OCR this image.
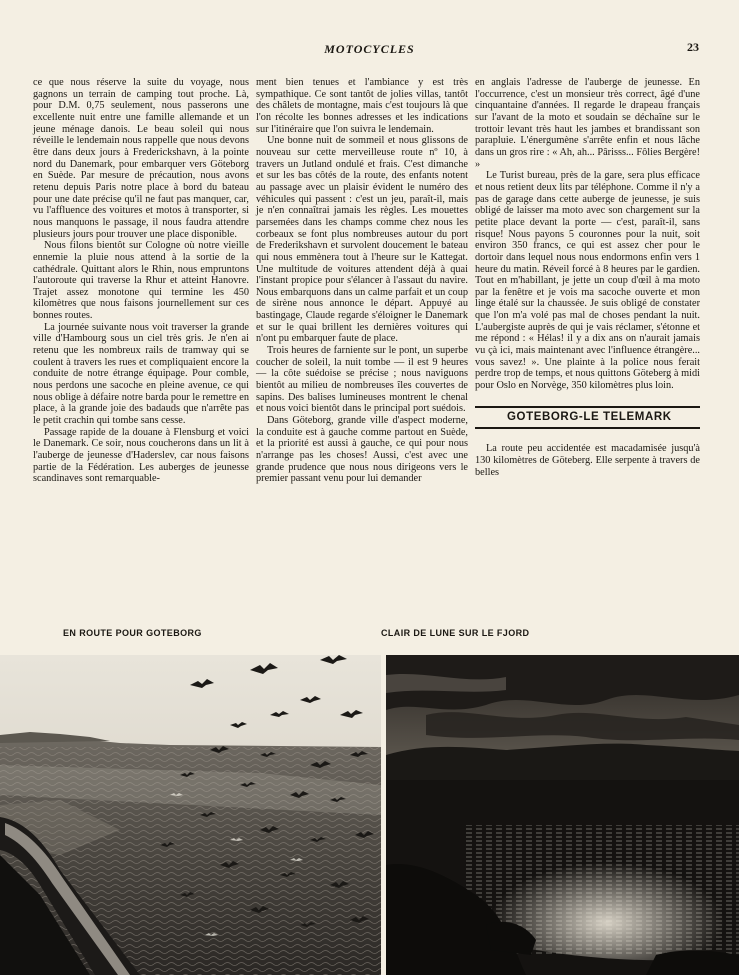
MOTOCYCLES	23

ce que nous réserve la suite du voyage, nous gagnons un terrain de camping tout proche. Là, pour D.M. 0,75 seulement, nous passerons une excellente nuit entre une famille allemande et un jeune ménage danois. Le beau soleil qui nous réveille le lendemain nous rappelle que nous devons être dans deux jours à Frederickshavn, à la pointe nord du Danemark, pour embarquer vers Göteborg en Suède. Par mesure de précaution, nous avons retenu depuis Paris notre place à bord du bateau pour une date précise qu'il ne faut pas manquer, car, vu l'affluence des voitures et motos à transporter, si nous manquons le passage, il nous faudra attendre plusieurs jours pour trouver une place disponible.

Nous filons bientôt sur Cologne où notre vieille ennemie la pluie nous attend à la sortie de la cathédrale. Quittant alors le Rhin, nous empruntons l'autoroute qui traverse la Rhur et atteint Hanovre. Trajet assez monotone qui termine les 450 kilomètres que nous faisons journellement sur ces bonnes routes.

La journée suivante nous voit traverser la grande ville d'Hambourg sous un ciel très gris. Je n'en ai retenu que les nombreux rails de tramway qui se coulent à travers les rues et compliquaient encore la conduite de notre étrange équipage. Pour comble, nous perdons une sacoche en pleine avenue, ce qui nous oblige à défaire notre barda pour le remettre en place, à la grande joie des badauds que n'arrête pas le petit crachin qui tombe sans cesse.

Passage rapide de la douane à Flensburg et voici le Danemark. Ce soir, nous coucherons dans un lit à l'auberge de jeunesse d'Haderslev, car nous faisons partie de la Fédération. Les auberges de jeunesse scandinaves sont remarquable-

ment bien tenues et l'ambiance y est très sympathique. Ce sont tantôt de jolies villas, tantôt des châlets de montagne, mais c'est toujours là que l'on récolte les bonnes adresses et les indications sur l'itinéraire que l'on suivra le lendemain.

Une bonne nuit de sommeil et nous glissons de nouveau sur cette merveilleuse route nº 10, à travers un Jutland ondulé et frais. C'est dimanche et sur les bas côtés de la route, des enfants notent au passage avec un plaisir évident le numéro des véhicules qui passent : c'est un jeu, paraît-il, mais je n'en connaîtrai jamais les règles. Les mouettes parsemées dans les champs comme chez nous les corbeaux se font plus nombreuses autour du port de Frederikshavn et survolent doucement le bateau qui nous emmènera tout à l'heure sur le Kattegat. Une multitude de voitures attendent déjà à quai l'instant propice pour s'élancer à l'assaut du navire. Nous embarquons dans un calme parfait et un coup de sirène nous annonce le départ. Appuyé au bastingage, Claude regarde s'éloigner le Danemark et sur le quai brillent les dernières voitures qui n'ont pu embarquer faute de place.

Trois heures de farniente sur le pont, un superbe coucher de soleil, la nuit tombe — il est 9 heures — la côte suédoise se précise ; nous naviguons bientôt au milieu de nombreuses îles couvertes de sapins. Des balises lumineuses montrent le chenal et nous voici bientôt dans le principal port suédois.

Dans Göteborg, grande ville d'aspect moderne, la conduite est à gauche comme partout en Suède, et la priorité est aussi à gauche, ce qui pour nous n'arrange pas les choses! Aussi, c'est avec une grande prudence que nous nous dirigeons vers le premier passant venu pour lui demander

en anglais l'adresse de l'auberge de jeunesse. En l'occurrence, c'est un monsieur très correct, âgé d'une cinquantaine d'années. Il regarde le drapeau français sur l'avant de la moto et soudain se déchaîne sur le trottoir levant très haut les jambes et brandissant son parapluie. L'énergumène s'arrête enfin et nous lâche dans un gros rire : « Ah, ah... Pârisss... Fôlies Bergère! »

Le Turist bureau, près de la gare, sera plus efficace et nous retient deux lits par téléphone. Comme il n'y a pas de garage dans cette auberge de jeunesse, je suis obligé de laisser ma moto avec son chargement sur la petite place devant la porte — c'est, paraît-il, sans risque! Nous payons 5 couronnes pour la nuit, soit environ 350 francs, ce qui est assez cher pour le dortoir dans lequel nous nous endormons enfin vers 1 heure du matin. Réveil forcé à 8 heures par le gardien. Tout en m'habillant, je jette un coup d'œil à ma moto par la fenêtre et je vois ma sacoche ouverte et mon linge étalé sur la chaussée. Je suis obligé de constater que l'on m'a volé pas mal de choses pendant la nuit. L'aubergiste auprès de qui je vais réclamer, s'étonne et me répond : « Hélas! il y a dix ans on n'aurait jamais vu çà ici, mais maintenant avec l'influence étrangère... vous savez! ». Une plainte à la police nous ferait perdre trop de temps, et nous quittons Göteberg à midi pour Oslo en Norvège, 350 kilomètres plus loin.

GOTEBORG-LE TELEMARK

La route peu accidentée est macadamisée jusqu'à 130 kilomètres de Göteberg. Elle serpente à travers de belles

EN ROUTE POUR GOTEBORG	CLAIR DE LUNE SUR LE FJORD
